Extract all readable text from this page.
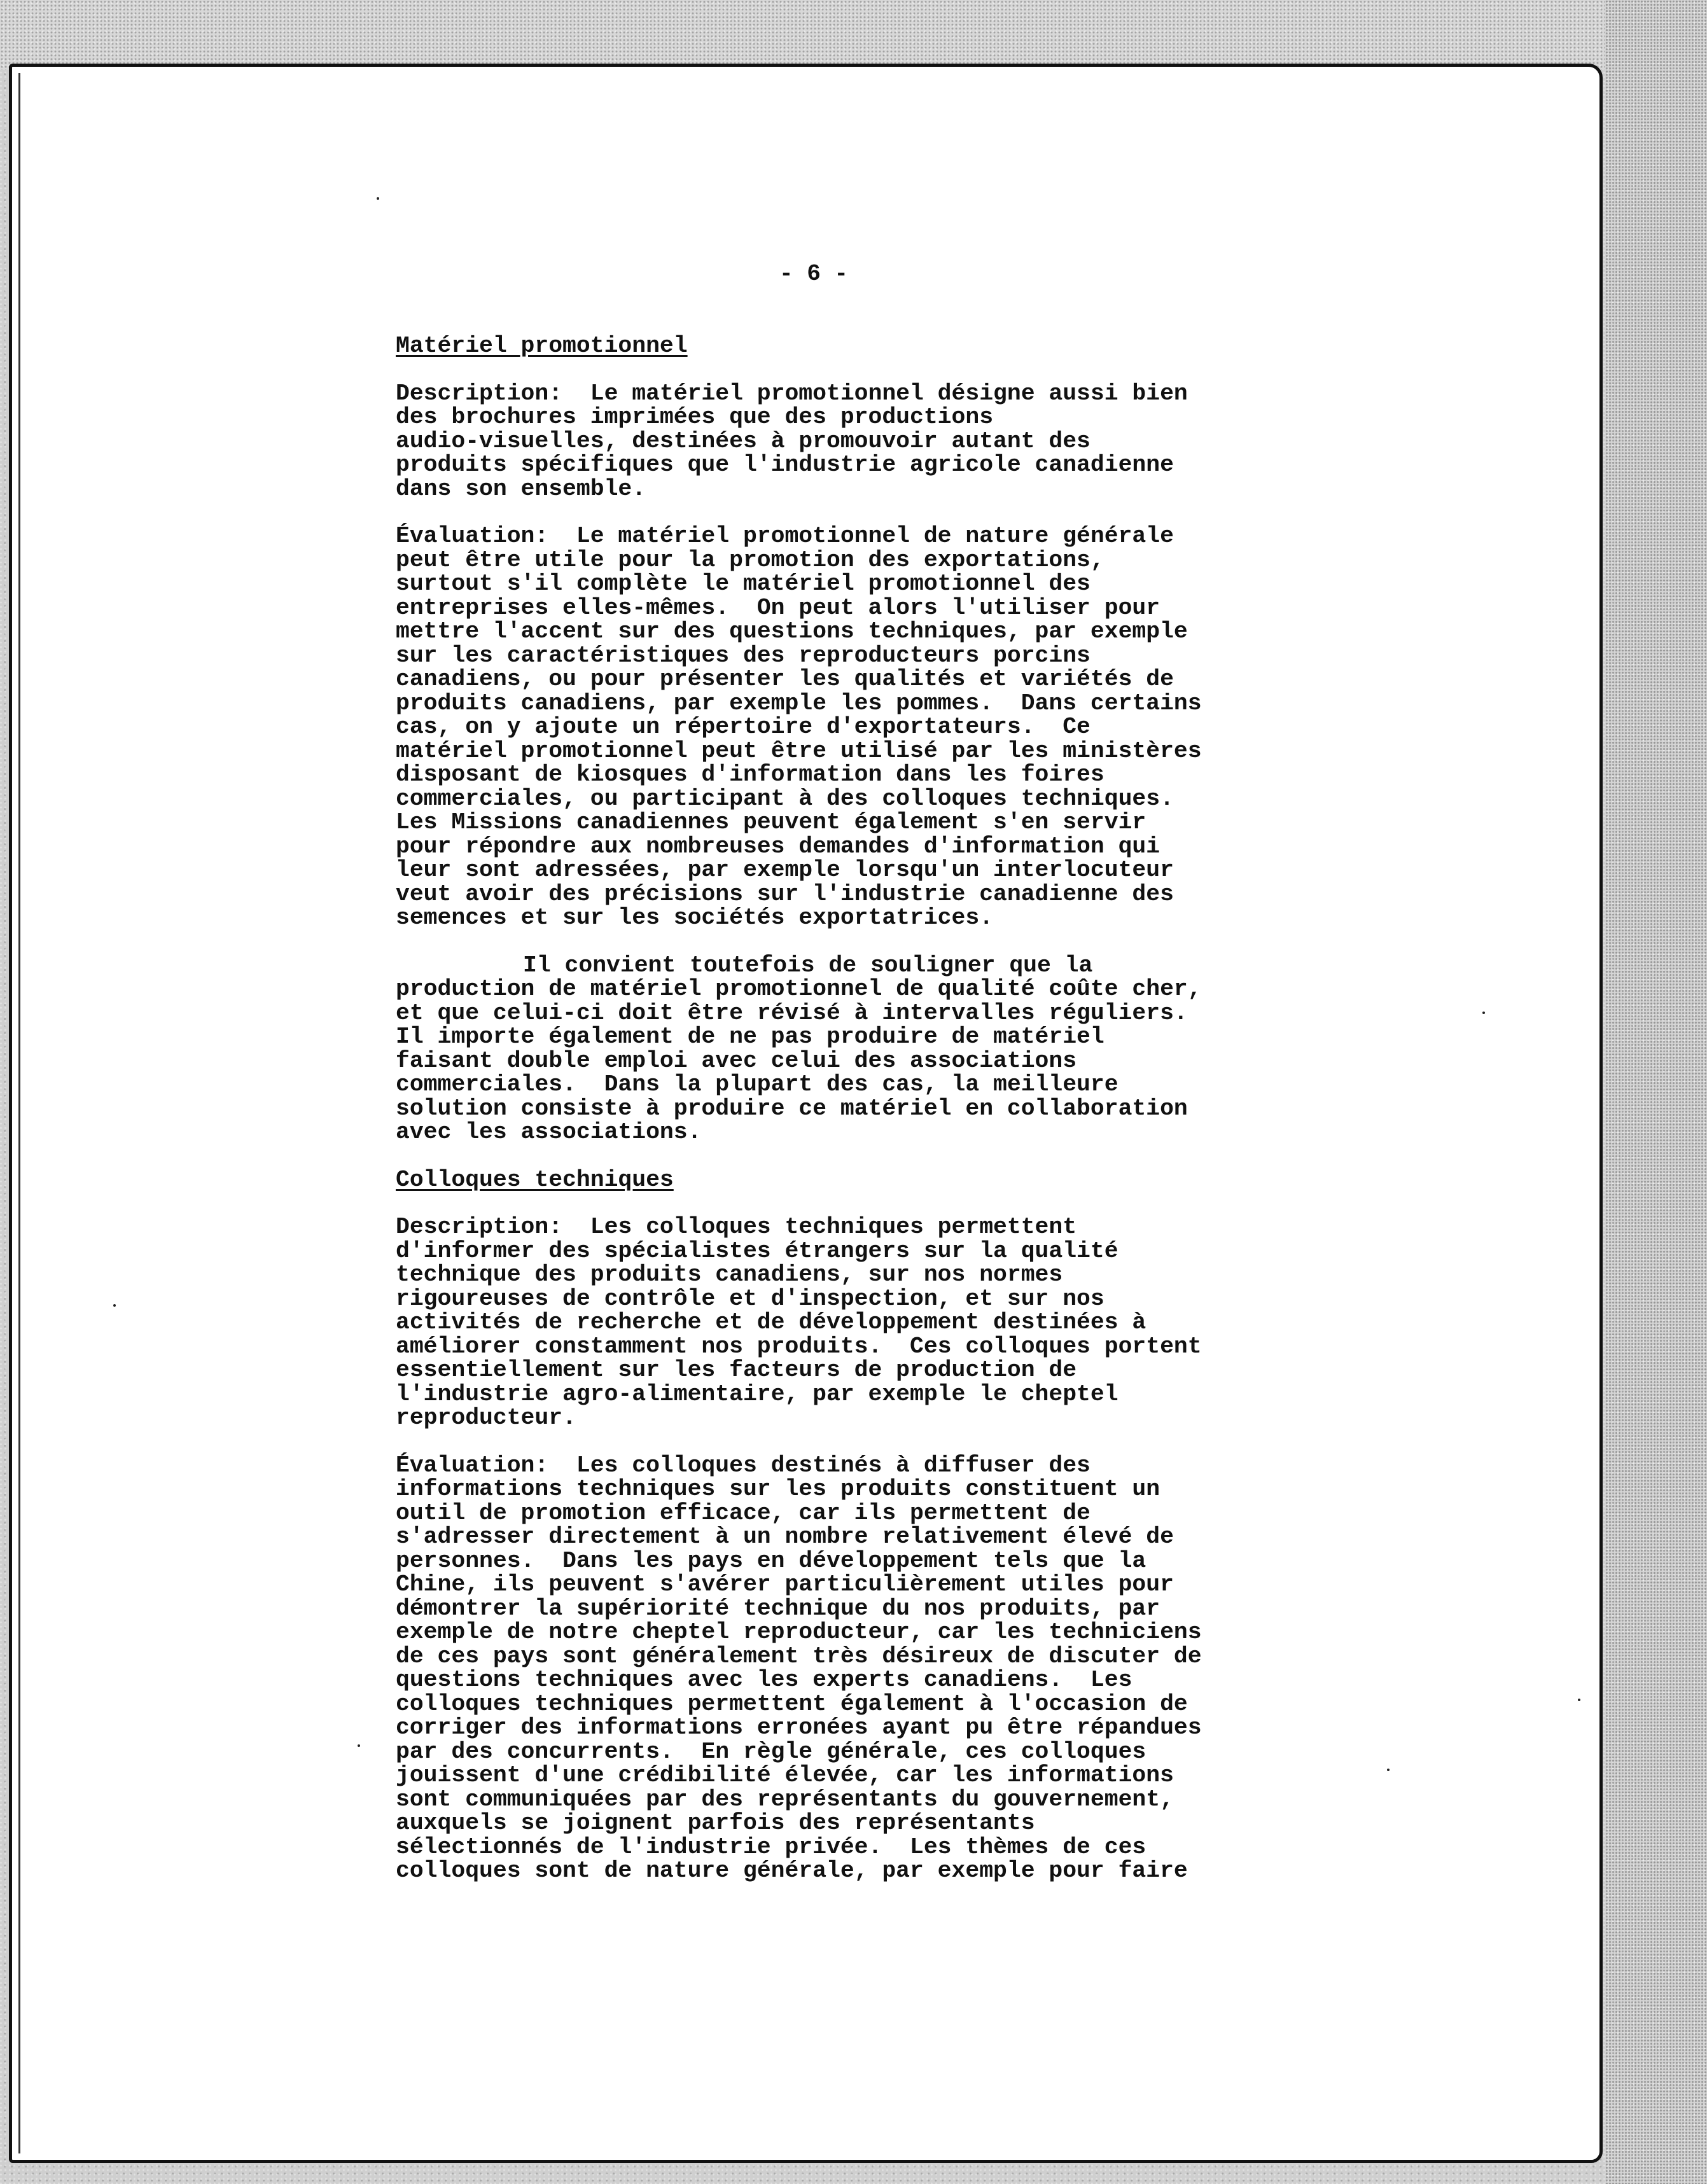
- 6 -
Matériel promotionnel
Description:  Le matériel promotionnel désigne aussi bien
des brochures imprimées que des productions
audio-visuelles, destinées à promouvoir autant des
produits spécifiques que l'industrie agricole canadienne
dans son ensemble.
Évaluation:  Le matériel promotionnel de nature générale
peut être utile pour la promotion des exportations,
surtout s'il complète le matériel promotionnel des
entreprises elles-mêmes.  On peut alors l'utiliser pour
mettre l'accent sur des questions techniques, par exemple
sur les caractéristiques des reproducteurs porcins
canadiens, ou pour présenter les qualités et variétés de
produits canadiens, par exemple les pommes.  Dans certains
cas, on y ajoute un répertoire d'exportateurs.  Ce
matériel promotionnel peut être utilisé par les ministères
disposant de kiosques d'information dans les foires
commerciales, ou participant à des colloques techniques.
Les Missions canadiennes peuvent également s'en servir
pour répondre aux nombreuses demandes d'information qui
leur sont adressées, par exemple lorsqu'un interlocuteur
veut avoir des précisions sur l'industrie canadienne des
semences et sur les sociétés exportatrices.
Il convient toutefois de souligner que la
production de matériel promotionnel de qualité coûte cher,
et que celui-ci doit être révisé à intervalles réguliers.
Il importe également de ne pas produire de matériel
faisant double emploi avec celui des associations
commerciales.  Dans la plupart des cas, la meilleure
solution consiste à produire ce matériel en collaboration
avec les associations.
Colloques techniques
Description:  Les colloques techniques permettent
d'informer des spécialistes étrangers sur la qualité
technique des produits canadiens, sur nos normes
rigoureuses de contrôle et d'inspection, et sur nos
activités de recherche et de développement destinées à
améliorer constamment nos produits.  Ces colloques portent
essentiellement sur les facteurs de production de
l'industrie agro-alimentaire, par exemple le cheptel
reproducteur.
Évaluation:  Les colloques destinés à diffuser des
informations techniques sur les produits constituent un
outil de promotion efficace, car ils permettent de
s'adresser directement à un nombre relativement élevé de
personnes.  Dans les pays en développement tels que la
Chine, ils peuvent s'avérer particulièrement utiles pour
démontrer la supériorité technique du nos produits, par
exemple de notre cheptel reproducteur, car les techniciens
de ces pays sont généralement très désireux de discuter de
questions techniques avec les experts canadiens.  Les
colloques techniques permettent également à l'occasion de
corriger des informations erronées ayant pu être répandues
par des concurrents.  En règle générale, ces colloques
jouissent d'une crédibilité élevée, car les informations
sont communiquées par des représentants du gouvernement,
auxquels se joignent parfois des représentants
sélectionnés de l'industrie privée.  Les thèmes de ces
colloques sont de nature générale, par exemple pour faire
